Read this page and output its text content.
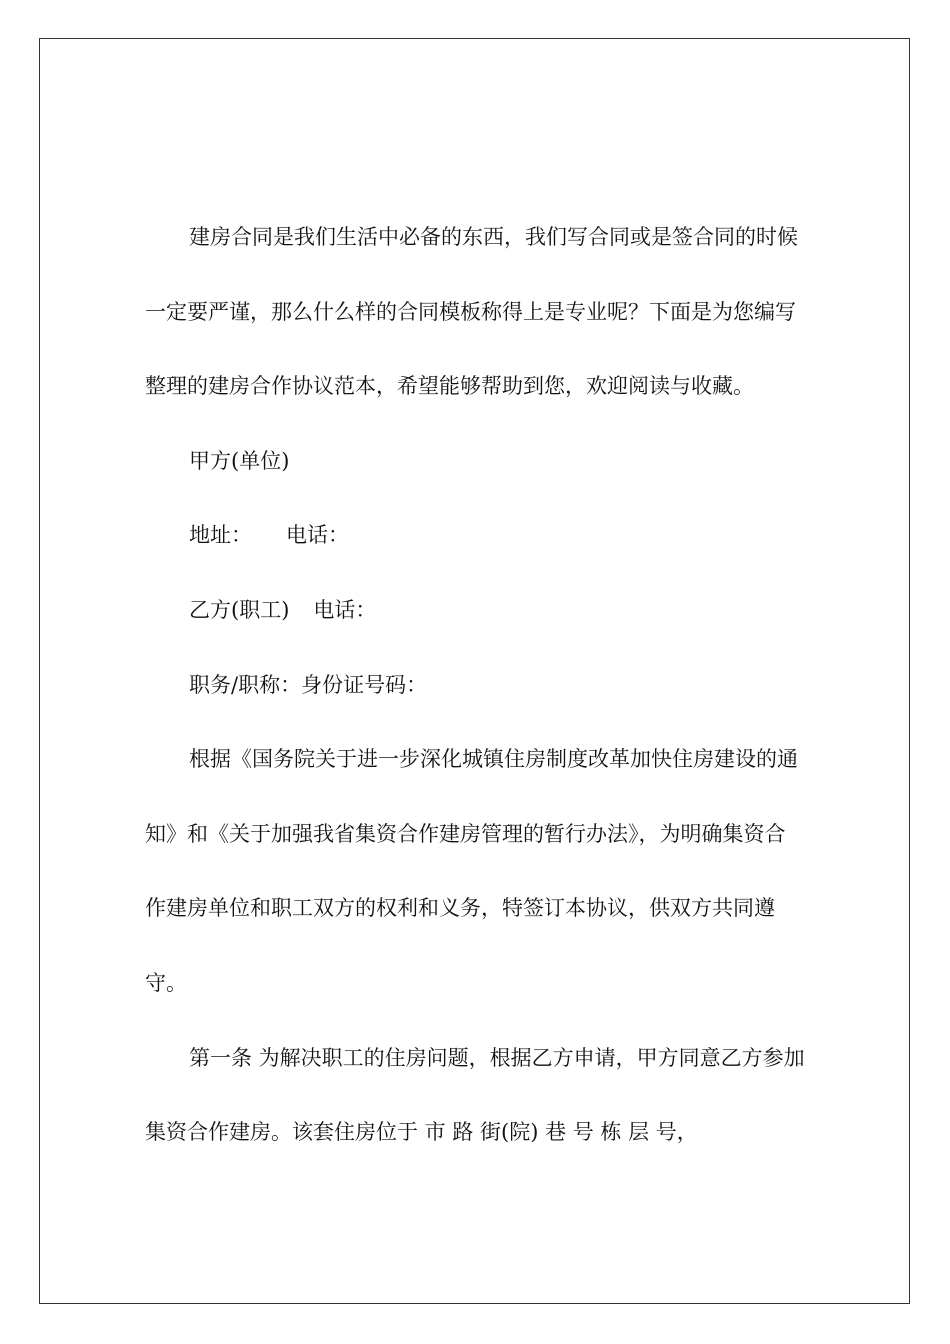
建房合同是我们生活中必备的东西，我们写合同或是签合同的时候一定要严谨，那么什么样的合同模板称得上是专业呢？下面是为您编写整理的建房合作协议范本，希望能够帮助到您，欢迎阅读与收藏。

甲方(单位)

地址： 电话：

乙方(职工) 电话：

职务/职称：身份证号码：

根据《国务院关于进一步深化城镇住房制度改革加快住房建设的通知》和《关于加强我省集资合作建房管理的暂行办法》，为明确集资合作建房单位和职工双方的权利和义务，特签订本协议，供双方共同遵守。

第一条 为解决职工的住房问题，根据乙方申请，甲方同意乙方参加集资合作建房。该套住房位于 市 路 街(院) 巷 号 栋 层 号，
